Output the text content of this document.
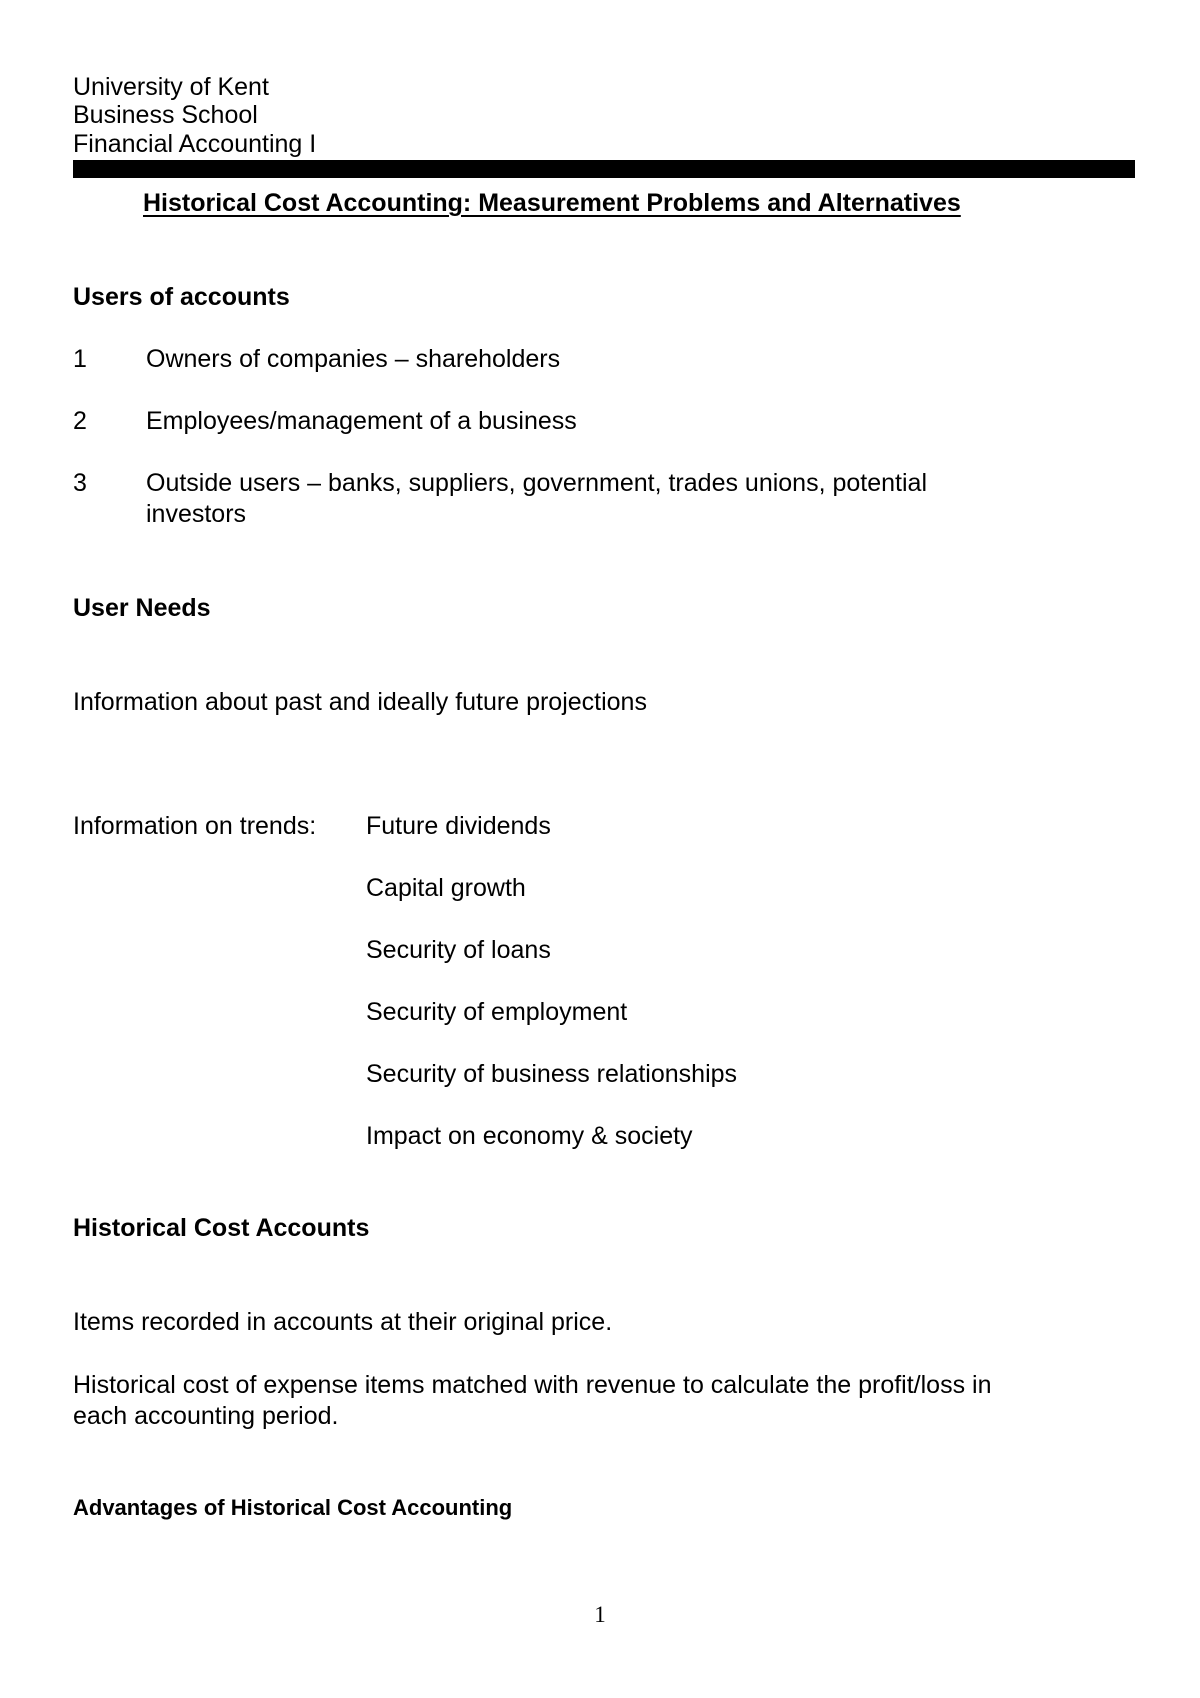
University of Kent
Business School
Financial Accounting I
Historical Cost Accounting: Measurement Problems and Alternatives
Users of accounts
1 Owners of companies – shareholders
2 Employees/management of a business
3 Outside users – banks, suppliers, government, trades unions, potential
investors
User Needs
Information about past and ideally future projections
Information on trends: Future dividends
Capital growth
Security of loans
Security of employment
Security of business relationships
Impact on economy & society
Historical Cost Accounts
Items recorded in accounts at their original price.
Historical cost of expense items matched with revenue to calculate the profit/loss in
each accounting period.
Advantages of Historical Cost Accounting
1
